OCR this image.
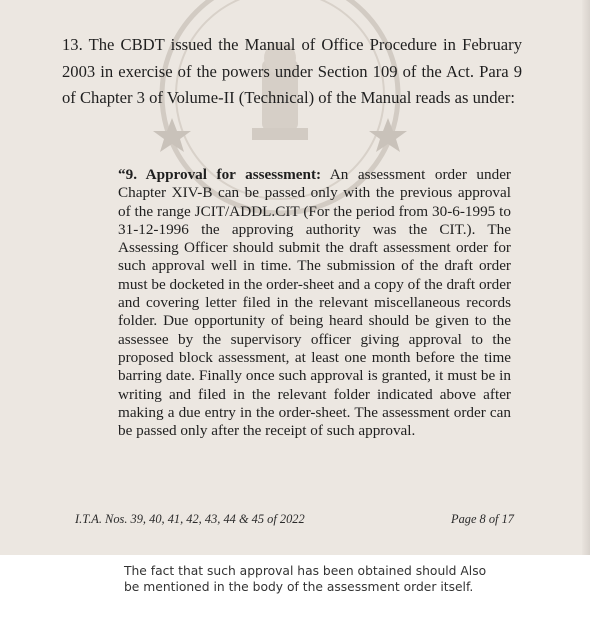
13. The CBDT issued the Manual of Office Procedure in February 2003 in exercise of the powers under Section 109 of the Act. Para 9 of Chapter 3 of Volume-II (Technical) of the Manual reads as under:

“9. Approval for assessment: An assessment order under Chapter XIV-B can be passed only with the previous approval of the range JCIT/ADDL.CIT (For the period from 30-6-1995 to 31-12-1996 the approving authority was the CIT.). The Assessing Officer should submit the draft assessment order for such approval well in time. The submission of the draft order must be docketed in the order-sheet and a copy of the draft order and covering letter filed in the relevant miscellaneous records folder. Due opportunity of being heard should be given to the assessee by the supervisory officer giving approval to the proposed block assessment, at least one month before the time barring date. Finally once such approval is granted, it must be in writing and filed in the relevant folder indicated above after making a due entry in the order-sheet. The assessment order can be passed only after the receipt of such approval.

I.T.A. Nos. 39, 40, 41, 42, 43, 44 & 45 of 2022	Page 8 of 17

The fact that such approval has been obtained should Also be mentioned in the body of the assessment order itself.
